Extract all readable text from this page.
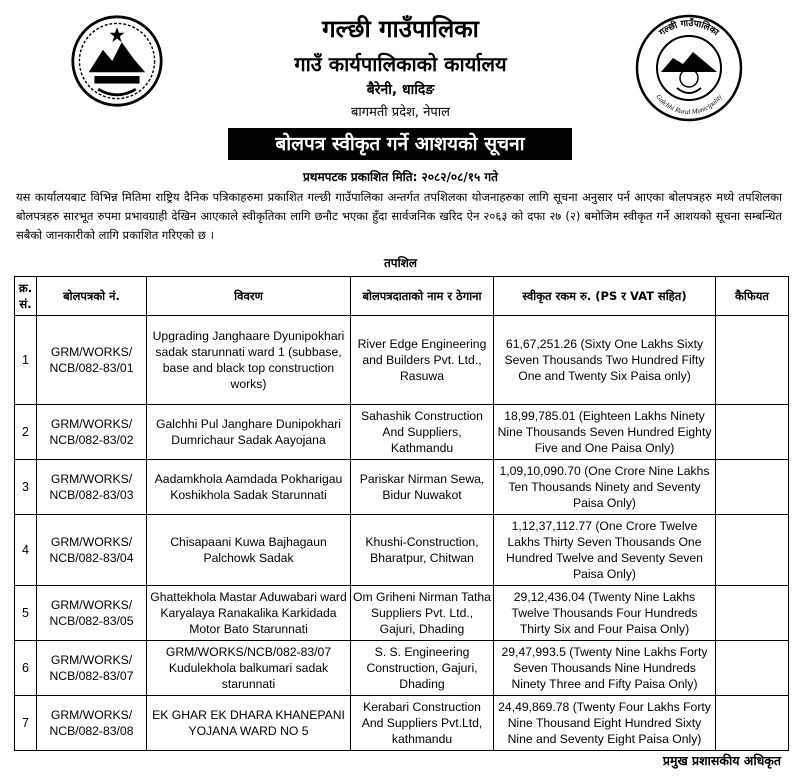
गल्छी गाउँपालिका
Galchhi Rural Municipality
गल्छी गाउँपालिका
गाउँ कार्यपालिकाको कार्यालय
बैरेनी, धादिङ
बागमती प्रदेश, नेपाल
बोलपत्र स्वीकृत गर्ने आशयको सूचना
प्रथमपटक प्रकाशित मिति: २०८२/०८/१५ गते
यस कार्यालयबाट विभिन्न मितिमा राष्ट्रिय दैनिक पत्रिकाहरुमा प्रकाशित गल्छी गाउँपालिका अन्तर्गत तपशिलका योजनाहरुका लागि सूचना अनुसार पर्न आएका बोलपत्रहरु मध्ये तपशिलका बोलपत्रहरु सारभूत रुपमा प्रभावग्राही देखिन आएकाले स्वीकृतिका लागि छनौट भएका हुँदा सार्वजनिक खरिद ऐन २०६३ को दफा २७ (२) बमोजिम स्वीकृत गर्ने आशयको सूचना सम्बन्धित सबैको जानकारीको लागि प्रकाशित गरिएको छ ।
तपशिल
क्र. सं.	बोलपत्रको नं.	विवरण	बोलपत्रदाताको नाम र ठेगाना	स्वीकृत रकम रु. (PS र VAT सहित)	कैफियत
1	GRM/WORKS/ NCB/082-83/01	Upgrading Janghaare Dyunipokhari sadak starunnati ward 1 (subbase, base and black top construction works)	River Edge Engineering and Builders Pvt. Ltd., Rasuwa	61,67,251.26 (Sixty One Lakhs Sixty Seven Thousands Two Hundred Fifty One and Twenty Six Paisa only)	
2	GRM/WORKS/ NCB/082-83/02	Galchhi Pul Janghare Dunipokhari Dumrichaur Sadak Aayojana	Sahashik Construction And Suppliers, Kathmandu	18,99,785.01 (Eighteen Lakhs Ninety Nine Thousands Seven Hundred Eighty Five and One Paisa Only)	
3	GRM/WORKS/ NCB/082-83/03	Aadamkhola Aamdada Pokharigau Koshikhola Sadak Starunnati	Pariskar Nirman Sewa, Bidur Nuwakot	1,09,10,090.70 (One Crore Nine Lakhs Ten Thousands Ninety and Seventy Paisa Only)	
4	GRM/WORKS/ NCB/082-83/04	Chisapaani Kuwa Bajhagaun Palchowk Sadak	Khushi-Construction, Bharatpur, Chitwan	1,12,37,112.77 (One Crore Twelve Lakhs Thirty Seven Thousands One Hundred Twelve and Seventy Seven Paisa Only)	
5	GRM/WORKS/ NCB/082-83/05	Ghattekhola Mastar Aduwabari ward Karyalaya Ranakalika Karkidada Motor Bato Starunnati	Om Griheni Nirman Tatha Suppliers Pvt. Ltd., Gajuri, Dhading	29,12,436.04 (Twenty Nine Lakhs Twelve Thousands Four Hundreds Thirty Six and Four Paisa Only)	
6	GRM/WORKS/ NCB/082-83/07	GRM/WORKS/NCB/082-83/07 Kudulekhola balkumari sadak starunnati	S. S. Engineering Construction, Gajuri, Dhading	29,47,993.5 (Twenty Nine Lakhs Forty Seven Thousands Nine Hundreds Ninety Three and Fifty Paisa Only)	
7	GRM/WORKS/ NCB/082-83/08	EK GHAR EK DHARA KHANEPANI YOJANA WARD NO 5	Kerabari Construction And Suppliers Pvt.Ltd, kathmandu	24,49,869.78 (Twenty Four Lakhs Forty Nine Thousand Eight Hundred Sixty Nine and Seventy Eight Paisa Only)	
प्रमुख प्रशासकीय अधिकृत
